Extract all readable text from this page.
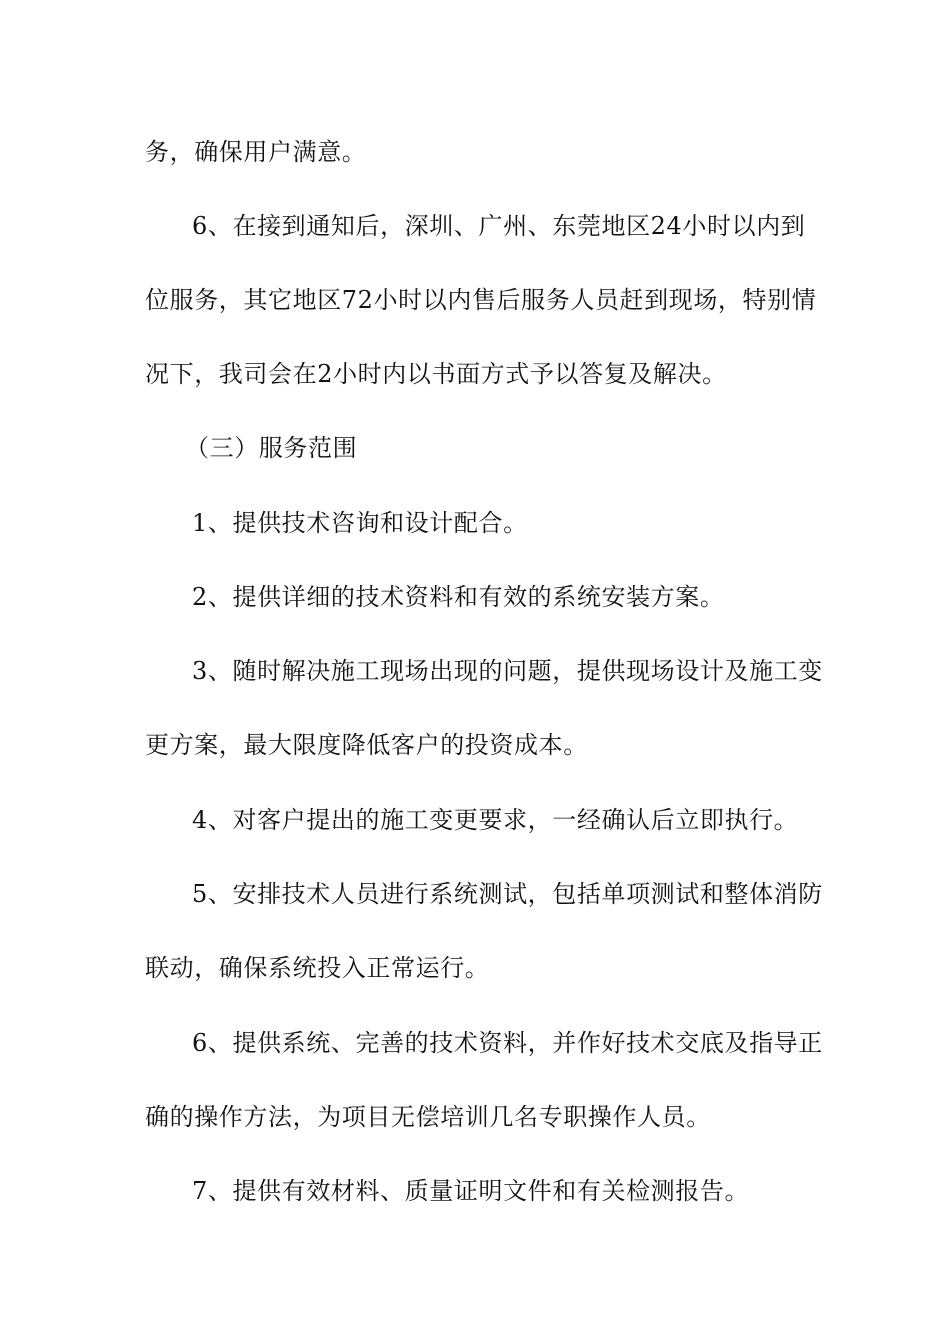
务，确保用户满意。
6、在接到通知后，深圳、广州、东莞地区24小时以内到
位服务，其它地区72小时以内售后服务人员赶到现场，特别情
况下，我司会在2小时内以书面方式予以答复及解决。
（三）服务范围
1、提供技术咨询和设计配合。
2、提供详细的技术资料和有效的系统安装方案。
3、随时解决施工现场出现的问题，提供现场设计及施工变
更方案，最大限度降低客户的投资成本。
4、对客户提出的施工变更要求，一经确认后立即执行。
5、安排技术人员进行系统测试，包括单项测试和整体消防
联动，确保系统投入正常运行。
6、提供系统、完善的技术资料，并作好技术交底及指导正
确的操作方法，为项目无偿培训几名专职操作人员。
7、提供有效材料、质量证明文件和有关检测报告。
